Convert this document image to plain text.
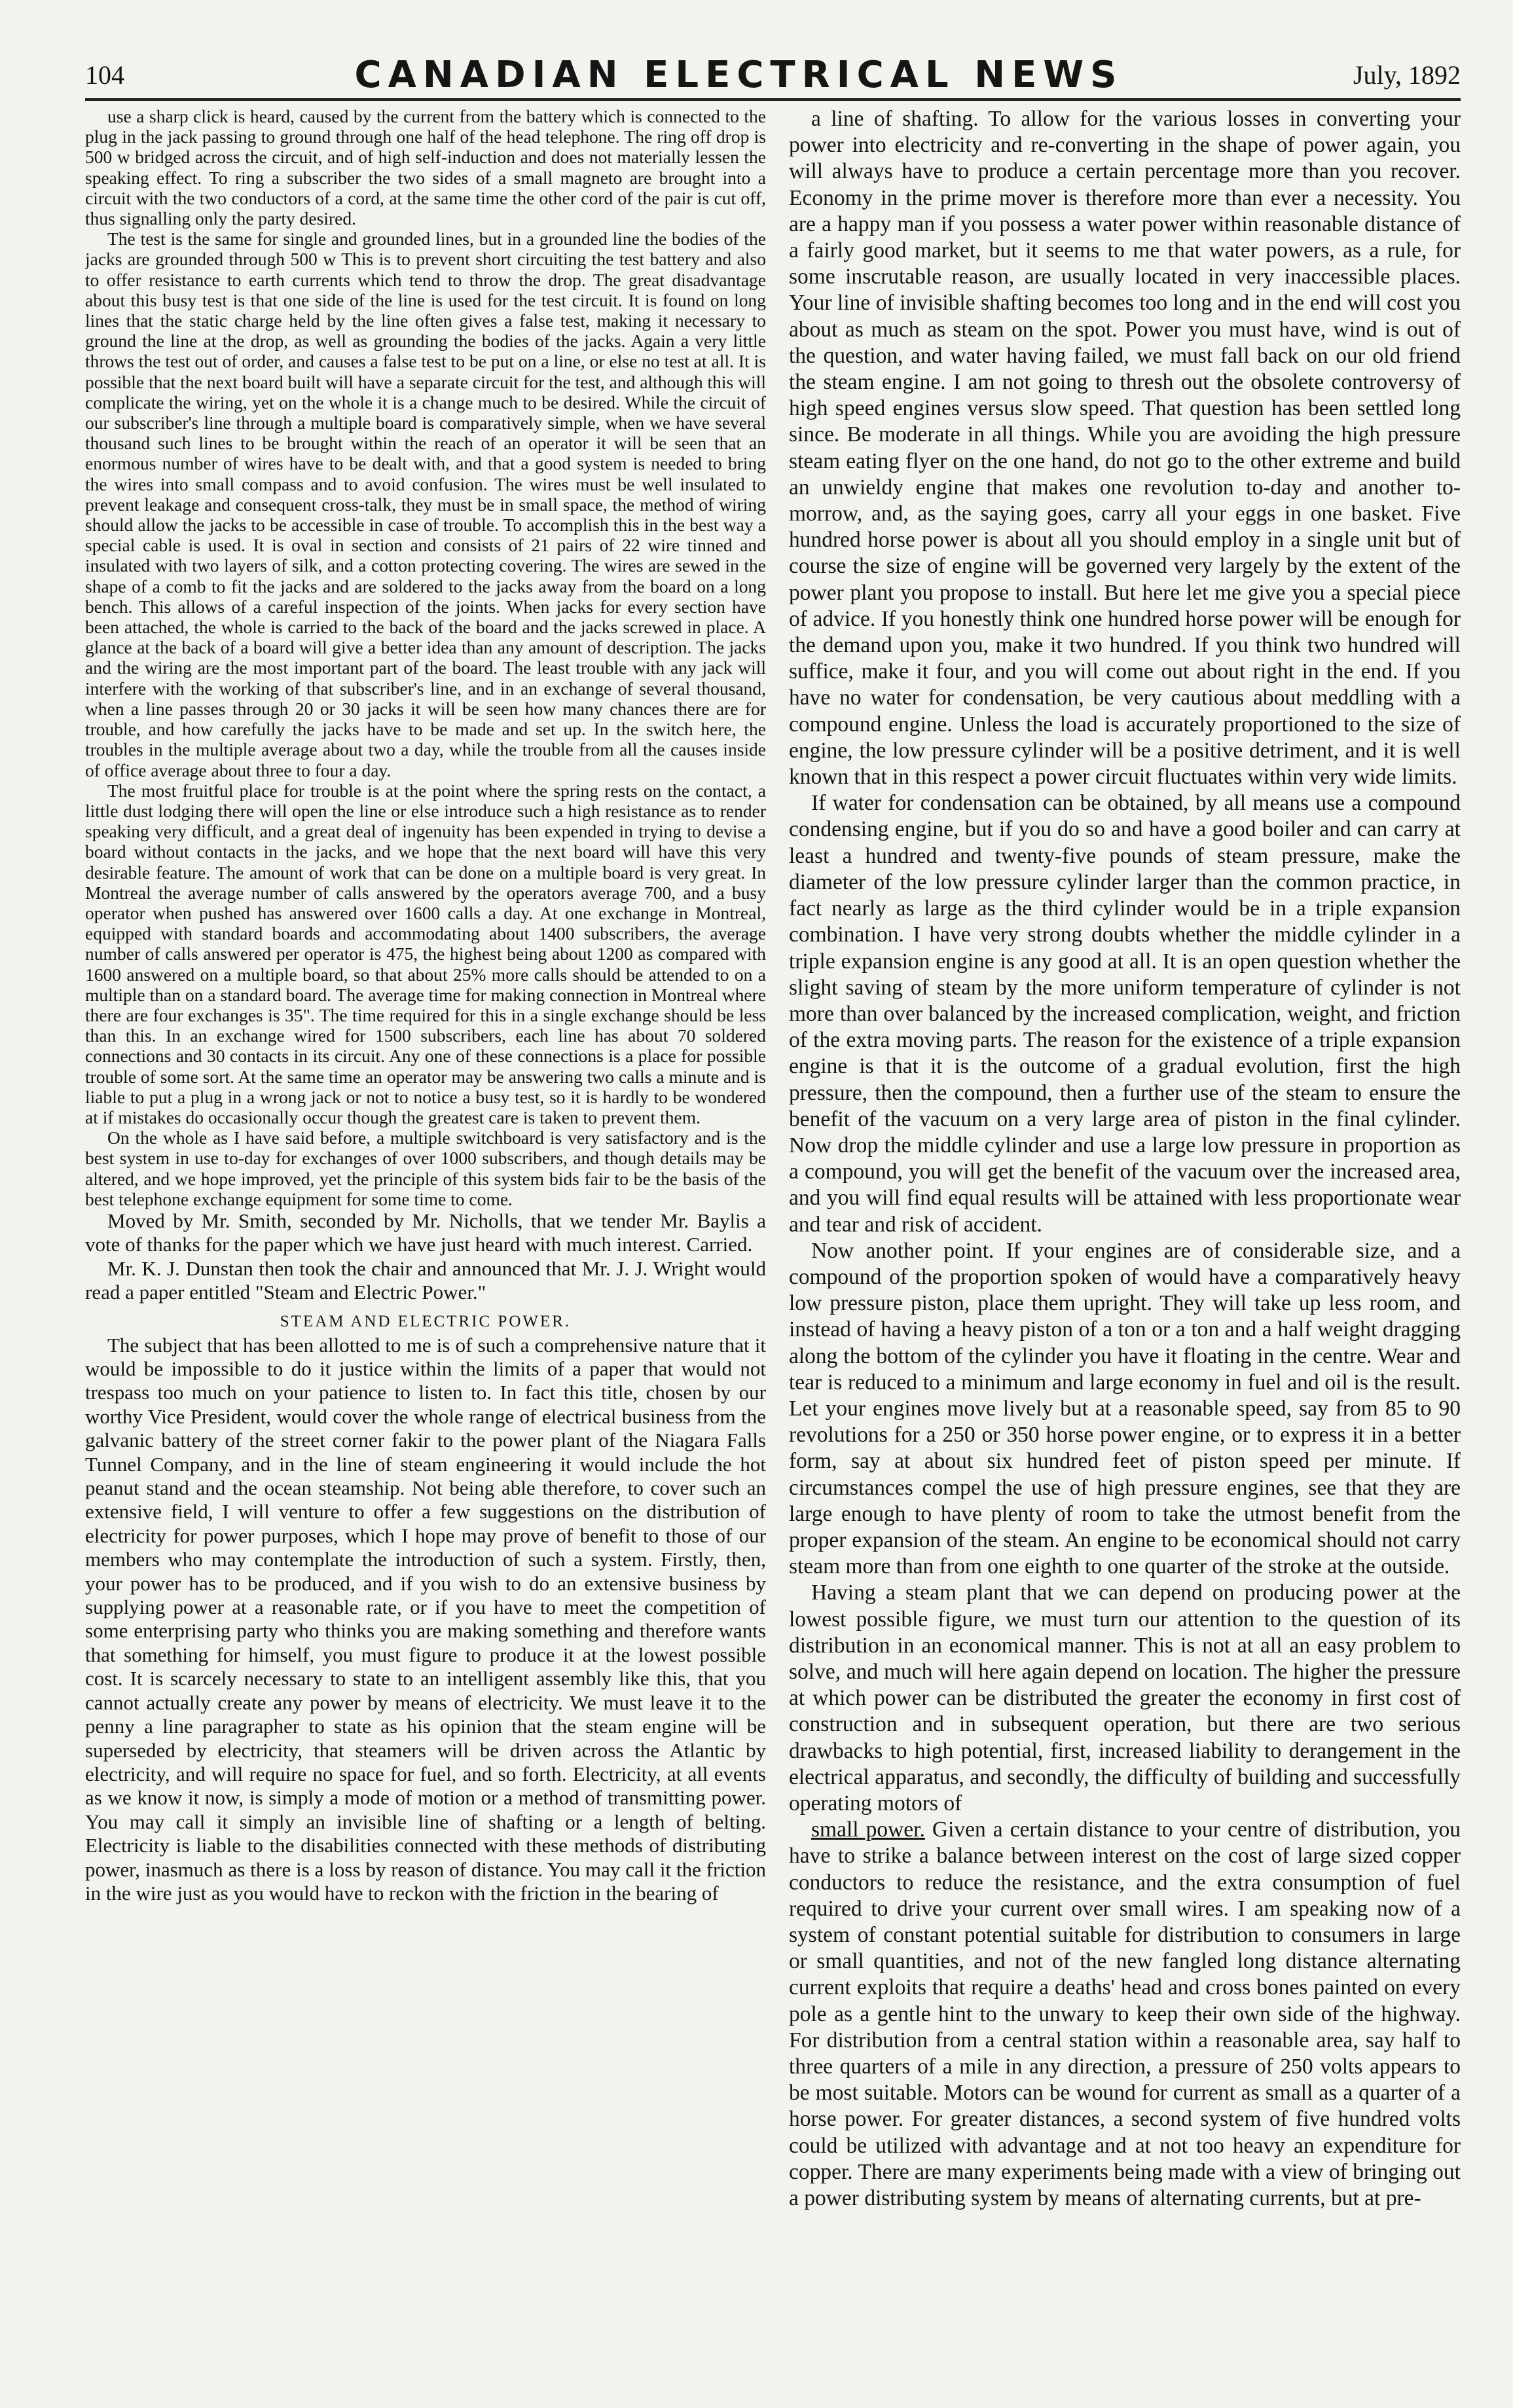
104	CANADIAN ELECTRICAL NEWS	July, 1892

use a sharp click is heard, caused by the current from the battery which is connected to the plug in the jack passing to ground through one half of the head telephone. The ring off drop is 500 w bridged across the circuit, and of high self-induction and does not materially lessen the speaking effect. To ring a subscriber the two sides of a small magneto are brought into a circuit with the two conductors of a cord, at the same time the other cord of the pair is cut off, thus signalling only the party desired.

The test is the same for single and grounded lines, but in a grounded line the bodies of the jacks are grounded through 500 w This is to prevent short circuiting the test battery and also to offer resistance to earth currents which tend to throw the drop. The great disadvantage about this busy test is that one side of the line is used for the test circuit. It is found on long lines that the static charge held by the line often gives a false test, making it necessary to ground the line at the drop, as well as grounding the bodies of the jacks. Again a very little throws the test out of order, and causes a false test to be put on a line, or else no test at all. It is possible that the next board built will have a separate circuit for the test, and although this will complicate the wiring, yet on the whole it is a change much to be desired. While the circuit of our subscriber's line through a multiple board is comparatively simple, when we have several thousand such lines to be brought within the reach of an operator it will be seen that an enormous number of wires have to be dealt with, and that a good system is needed to bring the wires into small compass and to avoid confusion. The wires must be well insulated to prevent leakage and consequent cross-talk, they must be in small space, the method of wiring should allow the jacks to be accessible in case of trouble. To accomplish this in the best way a special cable is used. It is oval in section and consists of 21 pairs of 22 wire tinned and insulated with two layers of silk, and a cotton protecting covering. The wires are sewed in the shape of a comb to fit the jacks and are soldered to the jacks away from the board on a long bench. This allows of a careful inspection of the joints. When jacks for every section have been attached, the whole is carried to the back of the board and the jacks screwed in place. A glance at the back of a board will give a better idea than any amount of description. The jacks and the wiring are the most important part of the board. The least trouble with any jack will interfere with the working of that subscriber's line, and in an exchange of several thousand, when a line passes through 20 or 30 jacks it will be seen how many chances there are for trouble, and how carefully the jacks have to be made and set up. In the switch here, the troubles in the multiple average about two a day, while the trouble from all the causes inside of office average about three to four a day.

The most fruitful place for trouble is at the point where the spring rests on the contact, a little dust lodging there will open the line or else introduce such a high resistance as to render speaking very difficult, and a great deal of ingenuity has been expended in trying to devise a board without contacts in the jacks, and we hope that the next board will have this very desirable feature. The amount of work that can be done on a multiple board is very great. In Montreal the average number of calls answered by the operators average 700, and a busy operator when pushed has answered over 1600 calls a day. At one exchange in Montreal, equipped with standard boards and accommodating about 1400 subscribers, the average number of calls answered per operator is 475, the highest being about 1200 as compared with 1600 answered on a multiple board, so that about 25% more calls should be attended to on a multiple than on a standard board. The average time for making connection in Montreal where there are four exchanges is 35". The time required for this in a single exchange should be less than this. In an exchange wired for 1500 subscribers, each line has about 70 soldered connections and 30 contacts in its circuit. Any one of these connections is a place for possible trouble of some sort. At the same time an operator may be answering two calls a minute and is liable to put a plug in a wrong jack or not to notice a busy test, so it is hardly to be wondered at if mistakes do occasionally occur though the greatest care is taken to prevent them.

On the whole as I have said before, a multiple switchboard is very satisfactory and is the best system in use to-day for exchanges of over 1000 subscribers, and though details may be altered, and we hope improved, yet the principle of this system bids fair to be the basis of the best telephone exchange equipment for some time to come.

Moved by Mr. Smith, seconded by Mr. Nicholls, that we tender Mr. Baylis a vote of thanks for the paper which we have just heard with much interest. Carried.

Mr. K. J. Dunstan then took the chair and announced that Mr. J. J. Wright would read a paper entitled "Steam and Electric Power."

STEAM AND ELECTRIC POWER.

The subject that has been allotted to me is of such a comprehensive nature that it would be impossible to do it justice within the limits of a paper that would not trespass too much on your patience to listen to. In fact this title, chosen by our worthy Vice President, would cover the whole range of electrical business from the galvanic battery of the street corner fakir to the power plant of the Niagara Falls Tunnel Company, and in the line of steam engineering it would include the hot peanut stand and the ocean steamship. Not being able therefore, to cover such an extensive field, I will venture to offer a few suggestions on the distribution of electricity for power purposes, which I hope may prove of benefit to those of our members who may contemplate the introduction of such a system. Firstly, then, your power has to be produced, and if you wish to do an extensive business by supplying power at a reasonable rate, or if you have to meet the competition of some enterprising party who thinks you are making something and therefore wants that something for himself, you must figure to produce it at the lowest possible cost. It is scarcely necessary to state to an intelligent assembly like this, that you cannot actually create any power by means of electricity. We must leave it to the penny a line paragrapher to state as his opinion that the steam engine will be superseded by electricity, that steamers will be driven across the Atlantic by electricity, and will require no space for fuel, and so forth. Electricity, at all events as we know it now, is simply a mode of motion or a method of transmitting power. You may call it simply an invisible line of shafting or a length of belting. Electricity is liable to the disabilities connected with these methods of distributing power, inasmuch as there is a loss by reason of distance. You may call it the friction in the wire just as you would have to reckon with the friction in the bearing of

a line of shafting. To allow for the various losses in converting your power into electricity and re-converting in the shape of power again, you will always have to produce a certain percentage more than you recover. Economy in the prime mover is therefore more than ever a necessity. You are a happy man if you possess a water power within reasonable distance of a fairly good market, but it seems to me that water powers, as a rule, for some inscrutable reason, are usually located in very inaccessible places. Your line of invisible shafting becomes too long and in the end will cost you about as much as steam on the spot. Power you must have, wind is out of the question, and water having failed, we must fall back on our old friend the steam engine. I am not going to thresh out the obsolete controversy of high speed engines versus slow speed. That question has been settled long since. Be moderate in all things. While you are avoiding the high pressure steam eating flyer on the one hand, do not go to the other extreme and build an unwieldy engine that makes one revolution to-day and another to-morrow, and, as the saying goes, carry all your eggs in one basket. Five hundred horse power is about all you should employ in a single unit but of course the size of engine will be governed very largely by the extent of the power plant you propose to install. But here let me give you a special piece of advice. If you honestly think one hundred horse power will be enough for the demand upon you, make it two hundred. If you think two hundred will suffice, make it four, and you will come out about right in the end. If you have no water for condensation, be very cautious about meddling with a compound engine. Unless the load is accurately proportioned to the size of engine, the low pressure cylinder will be a positive detriment, and it is well known that in this respect a power circuit fluctuates within very wide limits.

If water for condensation can be obtained, by all means use a compound condensing engine, but if you do so and have a good boiler and can carry at least a hundred and twenty-five pounds of steam pressure, make the diameter of the low pressure cylinder larger than the common practice, in fact nearly as large as the third cylinder would be in a triple expansion combination. I have very strong doubts whether the middle cylinder in a triple expansion engine is any good at all. It is an open question whether the slight saving of steam by the more uniform temperature of cylinder is not more than over balanced by the increased complication, weight, and friction of the extra moving parts. The reason for the existence of a triple expansion engine is that it is the outcome of a gradual evolution, first the high pressure, then the compound, then a further use of the steam to ensure the benefit of the vacuum on a very large area of piston in the final cylinder. Now drop the middle cylinder and use a large low pressure in proportion as a compound, you will get the benefit of the vacuum over the increased area, and you will find equal results will be attained with less proportionate wear and tear and risk of accident.

Now another point. If your engines are of considerable size, and a compound of the proportion spoken of would have a comparatively heavy low pressure piston, place them upright. They will take up less room, and instead of having a heavy piston of a ton or a ton and a half weight dragging along the bottom of the cylinder you have it floating in the centre. Wear and tear is reduced to a minimum and large economy in fuel and oil is the result. Let your engines move lively but at a reasonable speed, say from 85 to 90 revolutions for a 250 or 350 horse power engine, or to express it in a better form, say at about six hundred feet of piston speed per minute. If circumstances compel the use of high pressure engines, see that they are large enough to have plenty of room to take the utmost benefit from the proper expansion of the steam. An engine to be economical should not carry steam more than from one eighth to one quarter of the stroke at the outside.

Having a steam plant that we can depend on producing power at the lowest possible figure, we must turn our attention to the question of its distribution in an economical manner. This is not at all an easy problem to solve, and much will here again depend on location. The higher the pressure at which power can be distributed the greater the economy in first cost of construction and in subsequent operation, but there are two serious drawbacks to high potential, first, increased liability to derangement in the electrical apparatus, and secondly, the difficulty of building and successfully operating motors of

small power. Given a certain distance to your centre of distribution, you have to strike a balance between interest on the cost of large sized copper conductors to reduce the resistance, and the extra consumption of fuel required to drive your current over small wires. I am speaking now of a system of constant potential suitable for distribution to consumers in large or small quantities, and not of the new fangled long distance alternating current exploits that require a deaths' head and cross bones painted on every pole as a gentle hint to the unwary to keep their own side of the highway. For distribution from a central station within a reasonable area, say half to three quarters of a mile in any direction, a pressure of 250 volts appears to be most suitable. Motors can be wound for current as small as a quarter of a horse power. For greater distances, a second system of five hundred volts could be utilized with advantage and at not too heavy an expenditure for copper. There are many experiments being made with a view of bringing out a power distributing system by means of alternating currents, but at pre-
